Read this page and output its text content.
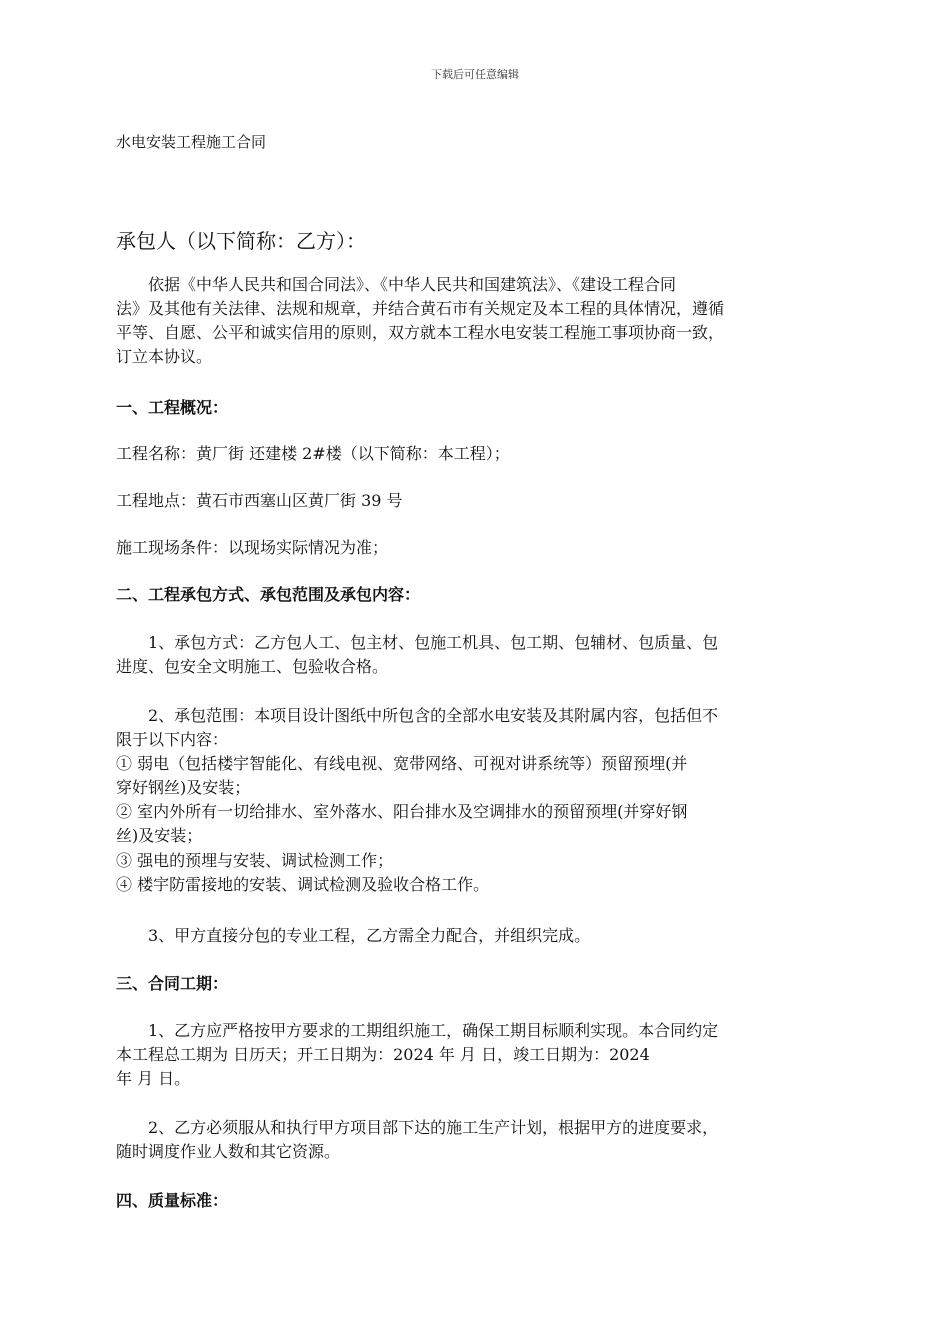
下载后可任意编辑
水电安装工程施工合同
承包人（以下简称：乙方）：
依据《中华人民共和国合同法》、《中华人民共和国建筑法》、《建设工程合同
法》及其他有关法律、法规和规章，并结合黄石市有关规定及本工程的具体情况，遵循
平等、自愿、公平和诚实信用的原则，双方就本工程水电安装工程施工事项协商一致，
订立本协议。
一、工程概况：
工程名称：黄厂街 还建楼 2#楼（以下简称：本工程）；
工程地点：黄石市西塞山区黄厂街 39 号
施工现场条件：以现场实际情况为准；
二、工程承包方式、承包范围及承包内容：
1、承包方式：乙方包人工、包主材、包施工机具、包工期、包辅材、包质量、包
进度、包安全文明施工、包验收合格。
2、承包范围：本项目设计图纸中所包含的全部水电安装及其附属内容，包括但不
限于以下内容：
① 弱电（包括楼宇智能化、有线电视、宽带网络、可视对讲系统等）预留预埋(并
穿好钢丝)及安装；
② 室内外所有一切给排水、室外落水、阳台排水及空调排水的预留预埋(并穿好钢
丝)及安装；
③ 强电的预埋与安装、调试检测工作；
④ 楼宇防雷接地的安装、调试检测及验收合格工作。
3、甲方直接分包的专业工程，乙方需全力配合，并组织完成。
三、合同工期：
1、乙方应严格按甲方要求的工期组织施工，确保工期目标顺利实现。本合同约定
本工程总工期为 日历天；开工日期为：2024 年 月 日，竣工日期为：2024
年 月 日。
2、乙方必须服从和执行甲方项目部下达的施工生产计划，根据甲方的进度要求，
随时调度作业人数和其它资源。
四、质量标准：
